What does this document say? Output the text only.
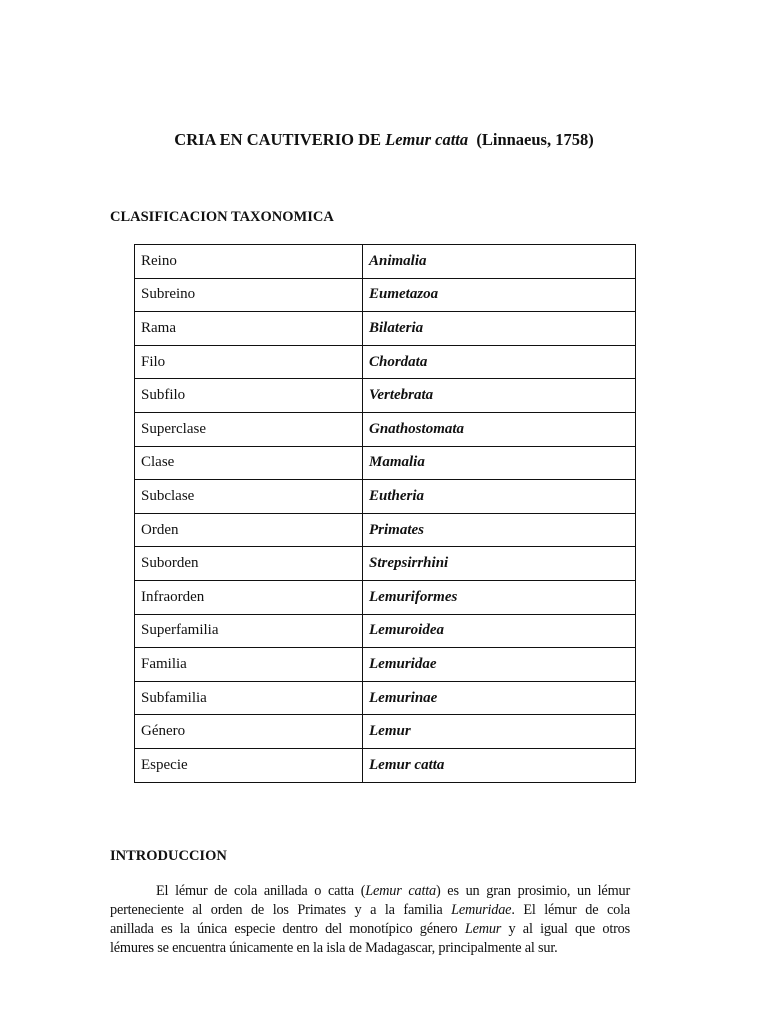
CRIA EN CAUTIVERIO DE Lemur catta  (Linnaeus, 1758)
CLASIFICACION TAXONOMICA
Reino	Animalia
Subreino	Eumetazoa
Rama	Bilateria
Filo	Chordata
Subfilo	Vertebrata
Superclase	Gnathostomata
Clase	Mamalia
Subclase	Eutheria
Orden	Primates
Suborden	Strepsirrhini
Infraorden	Lemuriformes
Superfamilia	Lemuroidea
Familia	Lemuridae
Subfamilia	Lemurinae
Género	Lemur
Especie	Lemur catta
INTRODUCCION
El lémur de cola anillada o catta (Lemur catta) es un gran prosimio, un lémur
perteneciente al orden de los Primates y a la familia Lemuridae. El lémur de cola
anillada es la única especie dentro del monotípico género Lemur y al igual que otros
lémures se encuentra únicamente en la isla de Madagascar, principalmente al sur.
